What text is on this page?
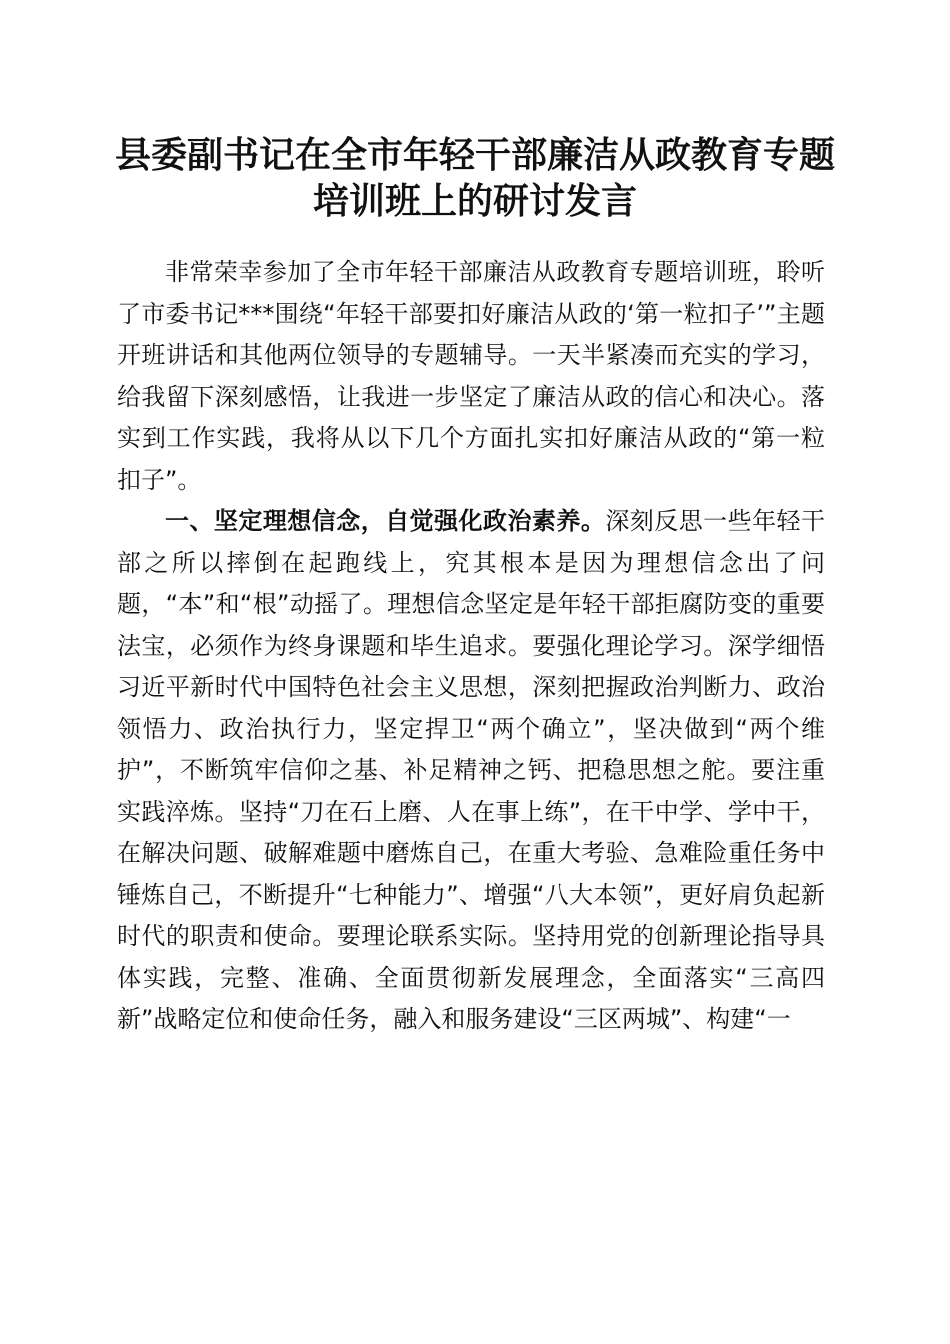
县委副书记在全市年轻干部廉洁从政教育专题
培训班上的研讨发言

非常荣幸参加了全市年轻干部廉洁从政教育专题培训班，聆听了市委书记***围绕“年轻干部要扣好廉洁从政的‘第一粒扣子’”主题开班讲话和其他两位领导的专题辅导。一天半紧凑而充实的学习，给我留下深刻感悟，让我进一步坚定了廉洁从政的信心和决心。落实到工作实践，我将从以下几个方面扎实扣好廉洁从政的“第一粒扣子”。

一、坚定理想信念，自觉强化政治素养。深刻反思一些年轻干部之所以摔倒在起跑线上，究其根本是因为理想信念出了问题，“本”和“根”动摇了。理想信念坚定是年轻干部拒腐防变的重要法宝，必须作为终身课题和毕生追求。要强化理论学习。深学细悟习近平新时代中国特色社会主义思想，深刻把握政治判断力、政治领悟力、政治执行力，坚定捍卫“两个确立”，坚决做到“两个维护”，不断筑牢信仰之基、补足精神之钙、把稳思想之舵。要注重实践淬炼。坚持“刀在石上磨、人在事上练”，在干中学、学中干，在解决问题、破解难题中磨炼自己，在重大考验、急难险重任务中锤炼自己，不断提升“七种能力”、增强“八大本领”，更好肩负起新时代的职责和使命。要理论联系实际。坚持用党的创新理论指导具体实践，完整、准确、全面贯彻新发展理念，全面落实“三高四新”战略定位和使命任务，融入和服务建设“三区两城”、构建“一
